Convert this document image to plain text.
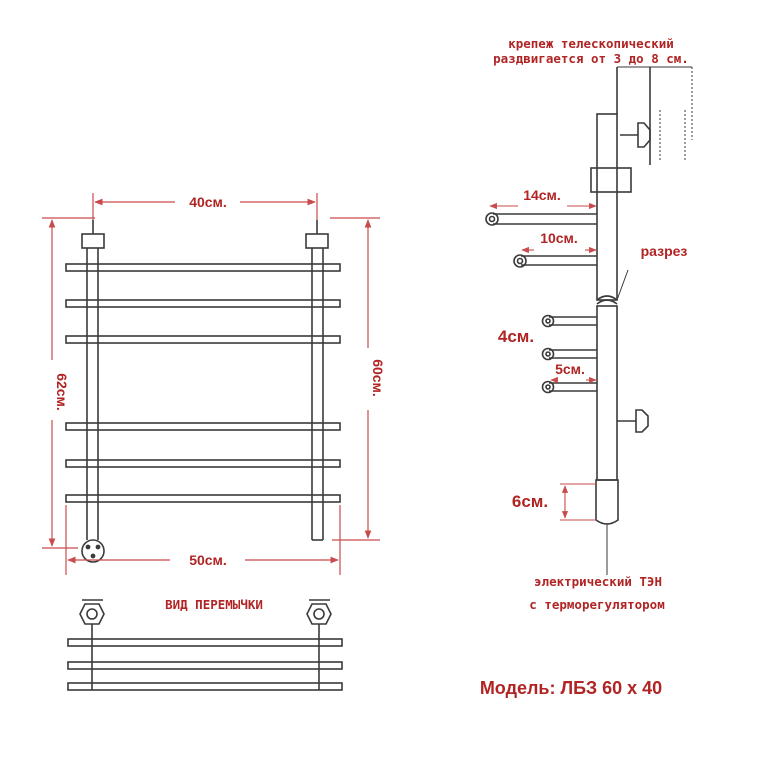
40см.
50см.
62см.	60см.
ВИД ПЕРЕМЫЧКИ
крепеж телескопический
раздвигается от 3 до 8 см.
14см.
10см.
разрез
4см.
5см.
6см.
электрический ТЭН
с терморегулятором
Модель: ЛБЗ 60 х 40
